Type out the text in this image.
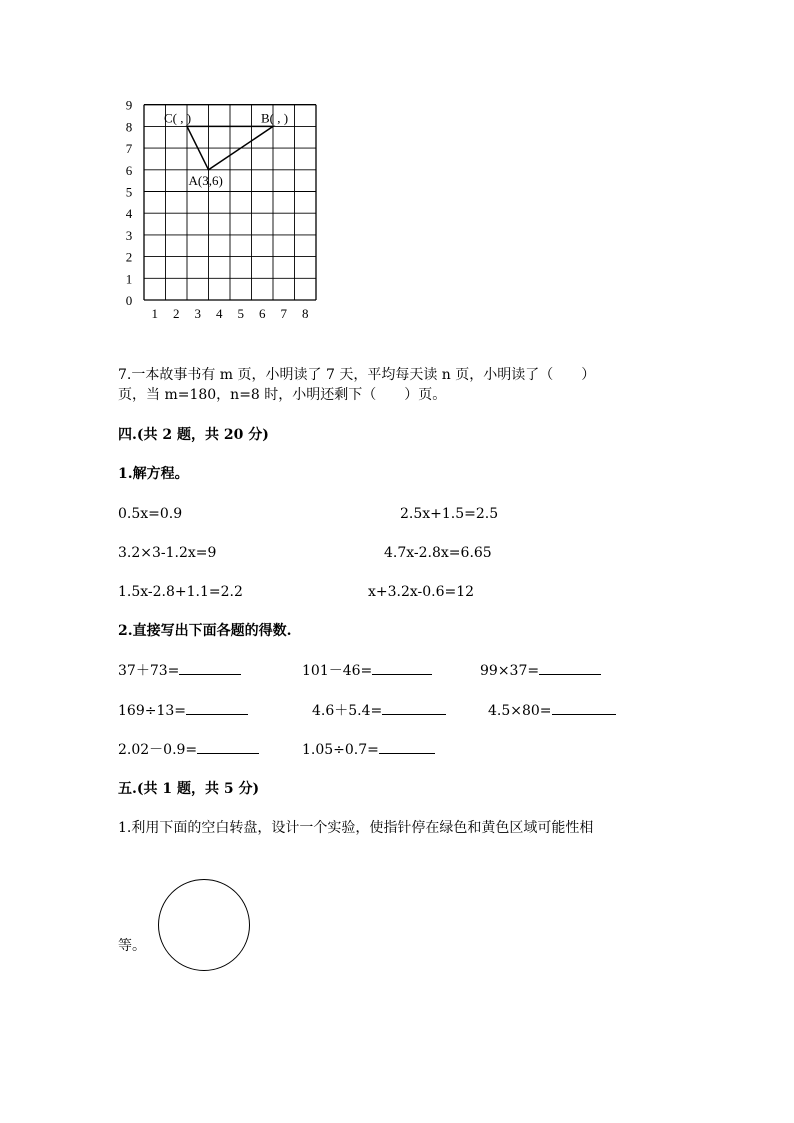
0
1
2
3
4
5
6
7
8
9
1 2 3 4 5 6 7 8
C( , )	B( , )
A(3,6)
7.一本故事书有 m 页，小明读了 7 天，平均每天读 n 页，小明读了（　　）
页，当 m=180，n=8 时，小明还剩下（　　）页。
四.(共 2 题，共 20 分)
1.解方程。
0.5x=0.9	2.5x+1.5=2.5
3.2×3-1.2x=9	4.7x-2.8x=6.65
1.5x-2.8+1.1=2.2	x+3.2x-0.6=12
2.直接写出下面各题的得数.
37＋73=	101－46=	99×37=
169÷13=	4.6＋5.4=	4.5×80=
2.02－0.9=	1.05÷0.7=
五.(共 1 题，共 5 分)
1.利用下面的空白转盘，设计一个实验，使指针停在绿色和黄色区域可能性相
等。
